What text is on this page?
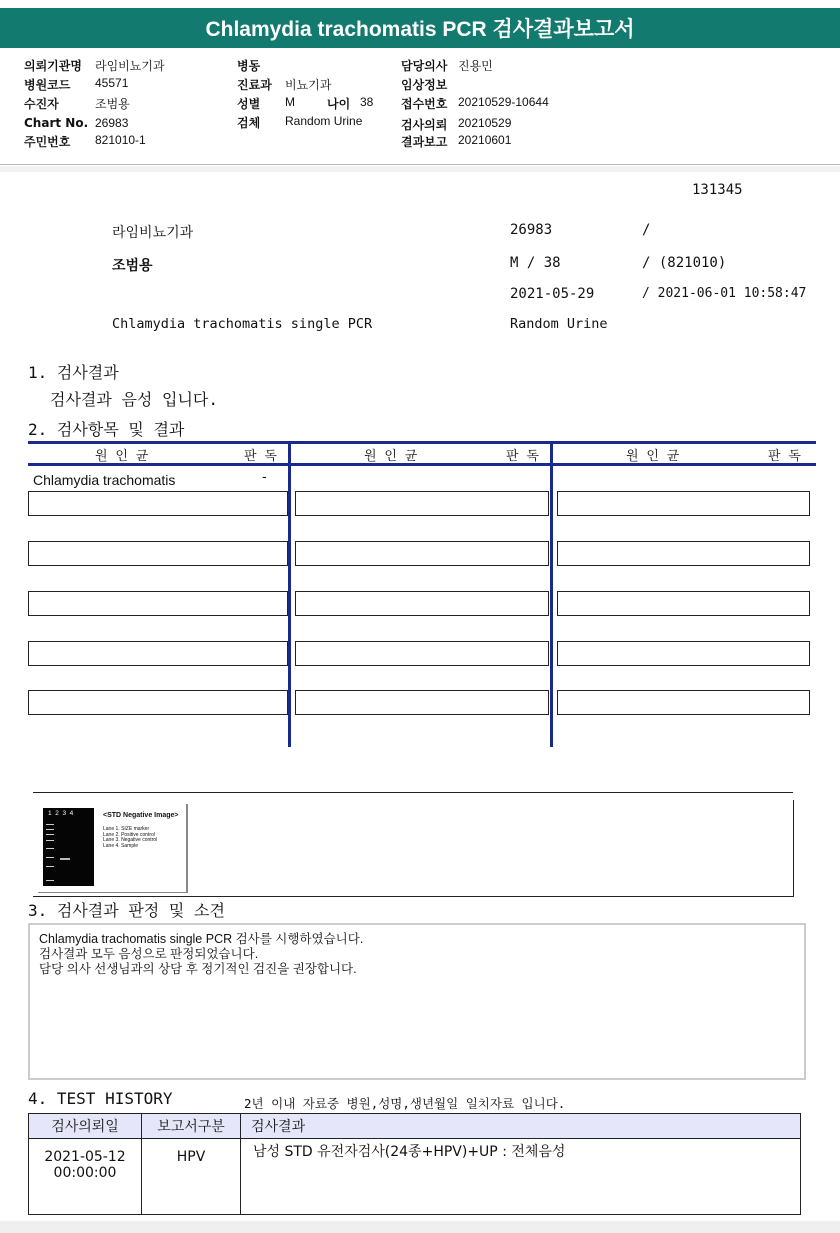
Chlamydia trachomatis PCR 검사결과보고서
의뢰기관명 라임비뇨기과
병원코드 45571
수진자	조범용
Chart No. 26983
주민번호 821010-1
병동
진료과 비뇨기과
성별 M	나이 38
검체 Random Urine
담당의사 진용민
임상정보
접수번호 20210529-10644
검사의뢰 20210529
결과보고 20210601
131345
라임비뇨기과	26983	/
조범용	M / 38	/ (821010)
2021-05-29	/ 2021-06-01 10:58:47
Chlamydia trachomatis single PCR	Random Urine
1. 검사결과
검사결과 음성 입니다.
2. 검사항목 및 결과
원 인 균	판 독	원 인 균	판 독	원 인 균	판 독
Chlamydia trachomatis	-
1  2  3  4	<STD Negative Image>
Lane 1. SIZE marker
Lane 2. Positive control
Lane 3. Negative control
Lane 4. Sample
3. 검사결과 판정 및 소견
Chlamydia trachomatis single PCR 검사를 시행하였습니다.
검사결과 모두 음성으로 판정되었습니다.
담당 의사 선생님과의 상담 후 정기적인 검진을 권장합니다.
4. TEST HISTORY	2년 이내 자료중 병원,성명,생년월일 일치자료 입니다.
검사의뢰일	보고서구분	검사결과

2021-05-12
00:00:00	HPV	남성 STD 유전자검사(24종+HPV)+UP : 전체음성
